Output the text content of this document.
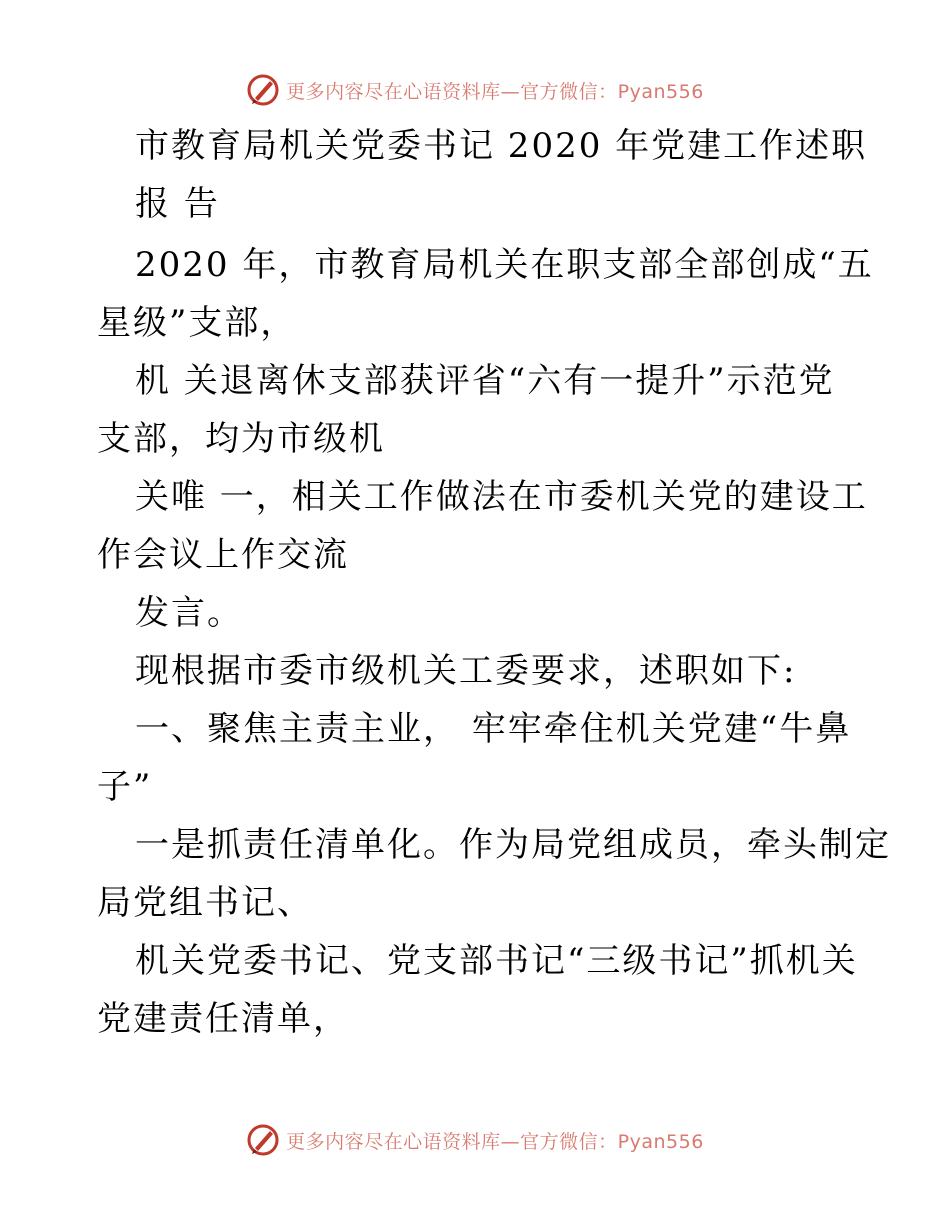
更多内容尽在心语资料库—官方微信：Pyan556
市教育局机关党委书记 2020 年党建工作述职
报 告
2020 年，市教育局机关在职支部全部创成“五
星级”支部，
机 关退离休支部获评省“六有一提升”示范党
支部，均为市级机
关唯 一，相关工作做法在市委机关党的建设工
作会议上作交流
发言。
现根据市委市级机关工委要求，述职如下:
一、聚焦主责主业， 牢牢牵住机关党建“牛鼻
子”
一是抓责任清单化。作为局党组成员，牵头制定
局党组书记、
机关党委书记、党支部书记“三级书记”抓机关
党建责任清单，
更多内容尽在心语资料库—官方微信：Pyan556
